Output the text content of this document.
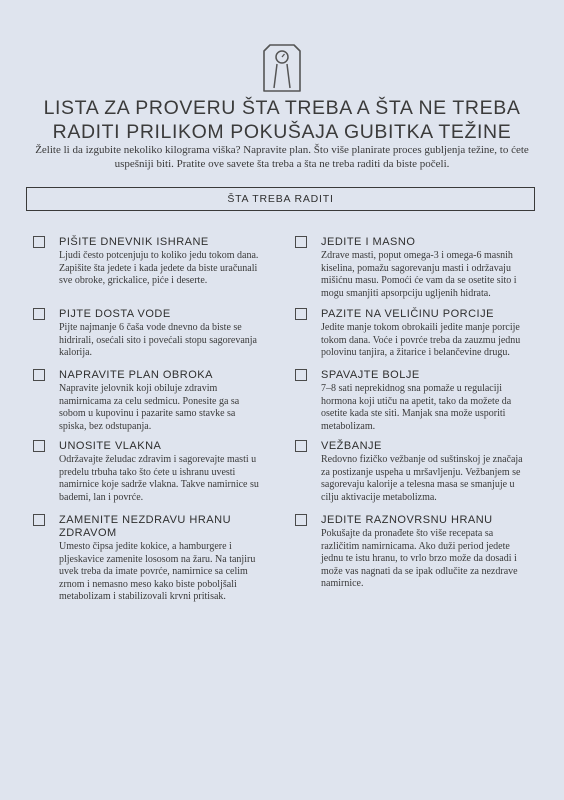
LISTA ZA PROVERU ŠTA TREBA A ŠTA NE TREBA
RADITI PRILIKOM POKUŠAJA GUBITKA TEŽINE
Želite li da izgubite nekoliko kilograma viška? Napravite plan. Što više planirate proces gubljenja težine, to ćete uspešniji biti. Pratite ove savete šta treba a šta ne treba raditi da biste počeli.
ŠTA TREBA RADITI
PIŠITE DNEVNIK ISHRANE
Ljudi često potcenjuju to koliko jedu tokom dana. Zapišite šta jedete i kada jedete da biste uračunali sve obroke, grickalice, piće i deserte.
JEDITE I MASNO
Zdrave masti, poput omega-3 i omega-6 masnih kiselina, pomažu sagorevanju masti i održavaju mišićnu masu. Pomoći će vam da se osetite sito i mogu smanjiti apsorpciju ugljenih hidrata.
PIJTE DOSTA VODE
Pijte najmanje 6 čaša vode dnevno da biste se hidrirali, osećali sito i povećali stopu sagorevanja kalorija.
PAZITE NA VELIČINU PORCIJE
Jedite manje tokom obrokaili jedite manje porcije tokom dana. Voće i povrće treba da zauzmu jednu polovinu tanjira, a žitarice i belančevine drugu.
NAPRAVITE PLAN OBROKA
Napravite jelovnik koji obiluje zdravim namirnicama za celu sedmicu. Ponesite ga sa sobom u kupovinu i pazarite samo stavke sa spiska, bez odstupanja.
SPAVAJTE BOLJE
7–8 sati neprekidnog sna pomaže u regulaciji hormona koji utiču na apetit, tako da možete da osetite kada ste siti. Manjak sna može usporiti metabolizam.
UNOSITE VLAKNA
Održavajte želudac zdravim i sagorevajte masti u predelu trbuha tako što ćete u ishranu uvesti namirnice koje sadrže vlakna. Takve namirnice su bademi, lan i povrće.
VEŽBANJE
Redovno fizičko vežbanje od suštinskoj je značaja za postizanje uspeha u mršavljenju. Vežbanjem se sagorevaju kalorije a telesna masa se smanjuje u cilju aktivacije metabolizma.
ZAMENITE NEZDRAVU HRANU ZDRAVOM
Umesto čipsa jedite kokice, a hamburgere i pljeskavice zamenite lososom na žaru. Na tanjiru uvek treba da imate povrće, namirnice sa celim zrnom i nemasno meso kako biste poboljšali metabolizam i stabilizovali krvni pritisak.
JEDITE RAZNOVRSNU HRANU
Pokušajte da pronađete što više recepata sa različitim namirnicama. Ako duži period jedete jednu te istu hranu, to vrlo brzo može da dosadi i može vas nagnati da se ipak odlučite za nezdrave namirnice.
